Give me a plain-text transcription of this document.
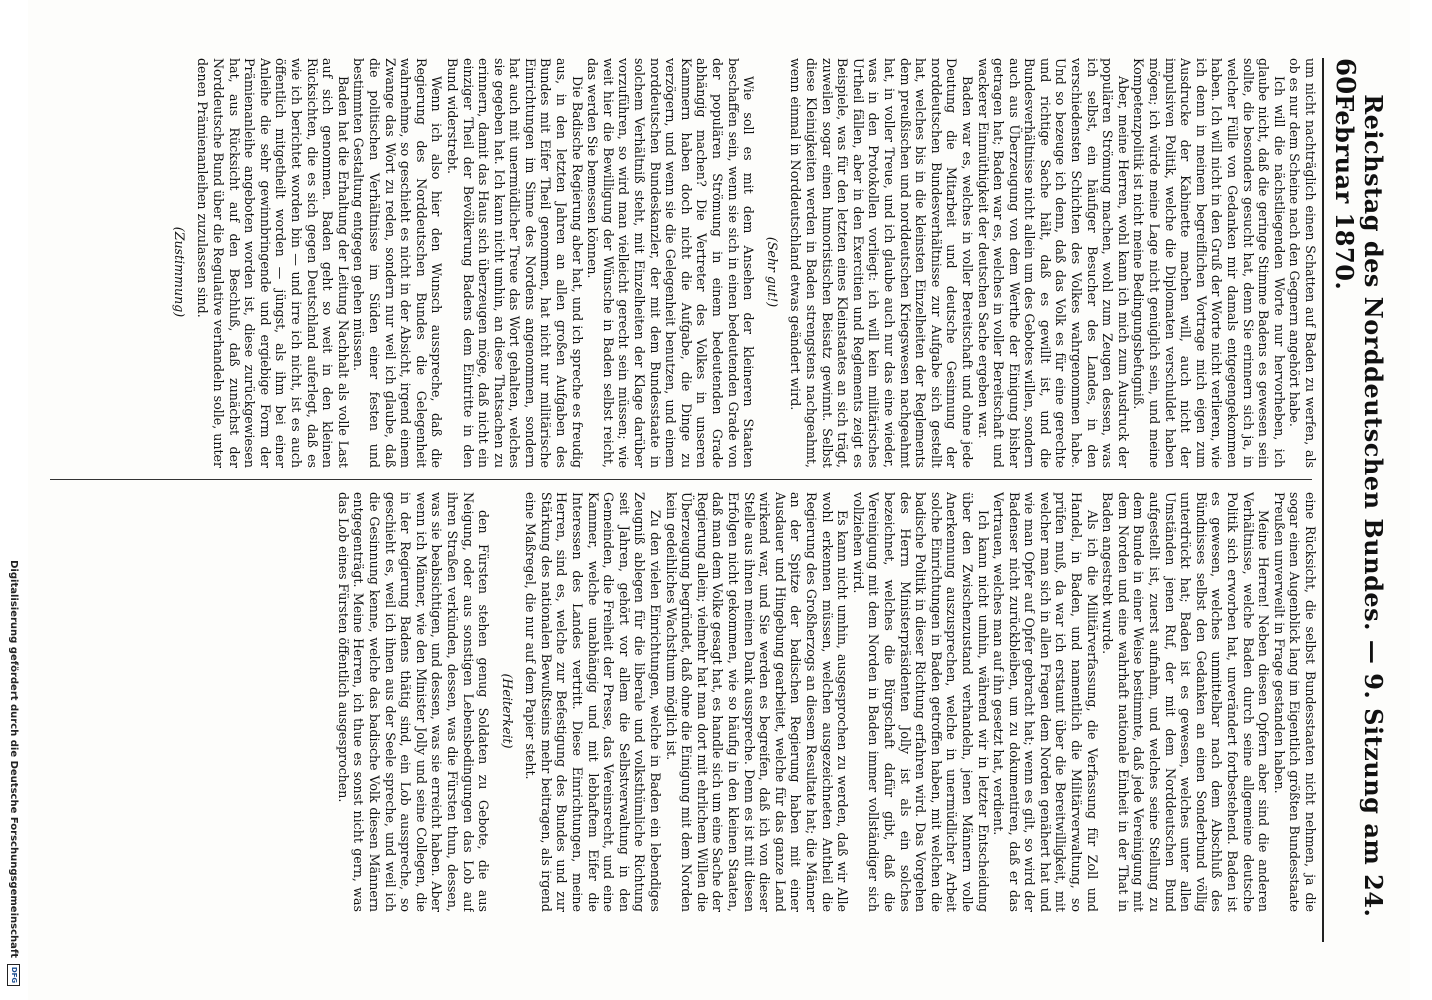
60
Reichstag des Norddeutschen Bundes. — 9. Sitzung am 24. Februar 1870.

um nicht nachträglich einen Schatten auf Baden zu werfen, als ob es nur dem Scheine nach den Gegnern angehört habe.

Ich will die nächstliegenden Worte nur hervorheben, ich glaube nicht, daß die geringe Stimme Badens es gewesen sein sollte, die besonders gesucht hat, denn Sie erinnern sich ja, in welcher Fülle von Gedanken mir damals entgegengekommen haben. Ich will nicht in den Gruß der Worte nicht verlieren, wie ich denn in meinem begreiflichen Vortrage mich eigen zum Ausdrucke der Kabinette machen will, auch nicht der impulsiven Politik, welche die Diplomaten verschuldet haben mögen; ich würde meine Lage nicht genüglich sein, und meine Kompetenzpolitik ist nicht meine Bedingungsbefugniß.

Aber, meine Herren, wohl kann ich mich zum Ausdruck der populären Strömung machen, wohl zum Zeugen dessen, was ich selbst, ein häufiger Besucher des Landes, in den verschiedensten Schichten des Volkes wahrgenommen habe. Und so bezeuge ich denn, daß das Volk es für eine gerechte und richtige Sache hält, daß es gewillt ist, und die Bundesverhältnisse nicht allein um des Gebotes willen, sondern auch aus Überzeugung von dem Werthe der Einigung bisher getragen hat; Baden war es, welches in voller Bereitschaft und wackerer Einmüthigkeit der deutschen Sache ergeben war.

Baden war es, welches in voller Bereitschaft und ohne jede Deutung die Mitarbeit und deutsche Gesinnung der norddeutschen Bundesverhältnisse zur Aufgabe sich gestellt hat, welches bis in die kleinsten Einzelheiten der Reglements dem preußischen und norddeutschen Kriegswesen nachgeahmt hat, in voller Treue, und ich glaube auch nur das eine wieder, was in den Protokollen vorliegt: ich will kein militärisches Urtheil fällen, aber in den Exercitien und Reglements zeigt es Beispiele, was für den letzten eines Kleinstaates an sich trägt, zuweilen sogar einen humoristischen Beisatz gewinnt. Selbst diese Kleinigkeiten werden in Baden strengstens nachgeahmt, wenn einmal in Norddeutschland etwas geändert wird.

(Sehr gut!)

Wie soll es mit dem Ansehen der kleineren Staaten beschaffen sein, wenn sie sich in einen bedeutenden Grade von der populären Strömung in einem bedeutenden Grade abhängig machen? Die Vertreter des Volkes in unseren Kammern haben doch nicht die Aufgabe, die Dinge zu verzögern, und wenn sie die Gelegenheit benutzen, und einem norddeutschen Bundeskanzler, der mit dem Bundesstaate in solchem Verhältniß steht, mit Einzelheiten der Klage darüber vorzuführen, so wird man vielleicht gerecht sein müssen; wie weit hier die Bewilligung der Wünsche in Baden selbst reicht, das werden Sie bemessen können.

Die Badische Regierung aber hat, und ich spreche es freudig aus, in den letzten Jahren an allen großen Aufgaben des Bundes mit Eifer Theil genommen, hat nicht nur militärische Einrichtungen im Sinne des Nordens angenommen, sondern hat auch mit unermüdlicher Treue das Wort gehalten, welches sie gegeben hat. Ich kann nicht umhin, an diese Thatsachen zu erinnern, damit das Haus sich überzeugen möge, daß nicht ein einziger Theil der Bevölkerung Badens dem Eintritte in den Bund widerstrebt.

Wenn ich also hier den Wunsch ausspreche, daß die Regierung des Norddeutschen Bundes die Gelegenheit wahrnehme, so geschieht es nicht in der Absicht, irgend einem Zwange das Wort zu reden, sondern nur weil ich glaube, daß die politischen Verhältnisse im Süden einer festen und bestimmten Gestaltung entgegen gehen müssen.

Baden hat die Erhaltung der Leitung Nachhalt als volle Last auf sich genommen. Baden geht so weit in den kleinen Rücksichten, die es sich gegen Deutschland auferlegt, daß es wie ich berichtet worden bin — und irre ich nicht, ist es auch öffentlich mitgetheilt worden — jüngst, als ihm bei einer Anleihe die sehr gewinnbringende und ergiebige Form der Prämienanleihe angeboten worden ist, diese zurückgewiesen hat, aus Rücksicht auf den Beschluß, daß zunächst der Norddeutsche Bund über die Regulative verhandeln solle, unter denen Prämienanleihen zuzulassen sind.

(Zustimmung)

eine Rücksicht, die selbst Bundesstaaten nicht nehmen, ja die sogar einen Augenblick lang im Eigentlich größten Bundesstaate Preußen unverweilt in Frage gestanden haben.

Meine Herren! Neben diesen Opfern aber sind die anderen Verhältnisse, welche Baden durch seine allgemeine deutsche Politik sich erworben hat, unverändert fortbestehend. Baden ist es gewesen, welches unmittelbar nach dem Abschluß des Bündnisses selbst den Gedanken an einen Sonderbund völlig unterdrückt hat; Baden ist es gewesen, welches unter allen Umständen jenen Ruf, der mit dem Norddeutschen Bund aufgestellt ist, zuerst aufnahm, und welches seine Stellung zu dem Bunde in einer Weise bestimmte, daß jede Vereinigung mit dem Norden und eine wahrhaft nationale Einheit in der That in Baden angestrebt wurde.

Als ich die Militärverfassung, die Verfassung für Zoll und Handel, in Baden, und namentlich die Militärverwaltung, so prüfen muß, da war ich erstaunt über die Bereitwilligkeit, mit welcher man sich in allen Fragen dem Norden genähert hat und wie man Opfer auf Opfer gebracht hat; wenn es gilt, so wird der Badenser nicht zurückbleiben, um zu dokumentiren, daß er das Vertrauen, welches man auf ihn gesetzt hat, verdient.

Ich kann nicht umhin, während wir in letzter Entscheidung über den Zwischenzustand verhandeln, jenen Männern volle Anerkennung auszusprechen, welche in unermüdlicher Arbeit solche Einrichtungen in Baden getroffen haben, mit welchen die badische Politik in dieser Richtung erfahren wird. Das Vorgehen des Herrn Ministerpräsidenten Jolly ist als ein solches bezeichnet, welches die Bürgschaft dafür gibt, daß die Vereinigung mit dem Norden in Baden immer vollständiger sich vollziehen wird.

Es kann nicht umhin, ausgesprochen zu werden, daß wir Alle wohl erkennen müssen, welchen ausgezeichneten Antheil die Regierung des Großherzogs an diesem Resultate hat; die Männer an der Spitze der badischen Regierung haben mit einer Ausdauer und Hingebung gearbeitet, welche für das ganze Land wirkend war, und Sie werden es begreifen, daß ich von dieser Stelle aus ihnen meinen Dank ausspreche. Denn es ist mit diesen Erfolgen nicht gekommen, wie so häufig in den kleinen Staaten, daß man dem Volke gesagt hat, es handle sich um eine Sache der Regierung allein; vielmehr hat man dort mit ehrlichem Willen die Überzeugung begründet, daß ohne die Einigung mit dem Norden kein gedeihliches Wachsthum möglich ist.

Zu den vielen Einrichtungen, welche in Baden ein lebendiges Zeugniß ablegen für die liberale und volksthümliche Richtung seit Jahren, gehört vor allem die Selbstverwaltung in den Gemeinden, die Freiheit der Presse, das Vereinsrecht, und eine Kammer, welche unabhängig und mit lebhaftem Eifer die Interessen des Landes vertritt. Diese Einrichtungen, meine Herren, sind es, welche zur Befestigung des Bundes und zur Stärkung des nationalen Bewußtseins mehr beitragen, als irgend eine Maßregel, die nur auf dem Papier steht.

(Heiterkeit)

den Fürsten stehen genug Soldaten zu Gebote, die aus Neigung, oder aus sonstigen Lebensbedingungen das Lob auf ihren Straßen verkünden, dessen, was die Fürsten thun, dessen, was sie beabsichtigen, und dessen, was sie erreicht haben. Aber wenn ich Männer, wie den Minister Jolly und seine Collegen, die in der Regierung Badens thätig sind, ein Lob ausspreche, so geschieht es, weil ich ihnen aus der Seele spreche, und weil ich die Gesinnung kenne, welche das badische Volk diesen Männern entgegenträgt. Meine Herren, ich thue es sonst nicht gern, was das Lob eines Fürsten öffentlich ausgesprochen.

Digitalisierung gefördert durch die Deutsche Forschungsgemeinschaft
DFG
